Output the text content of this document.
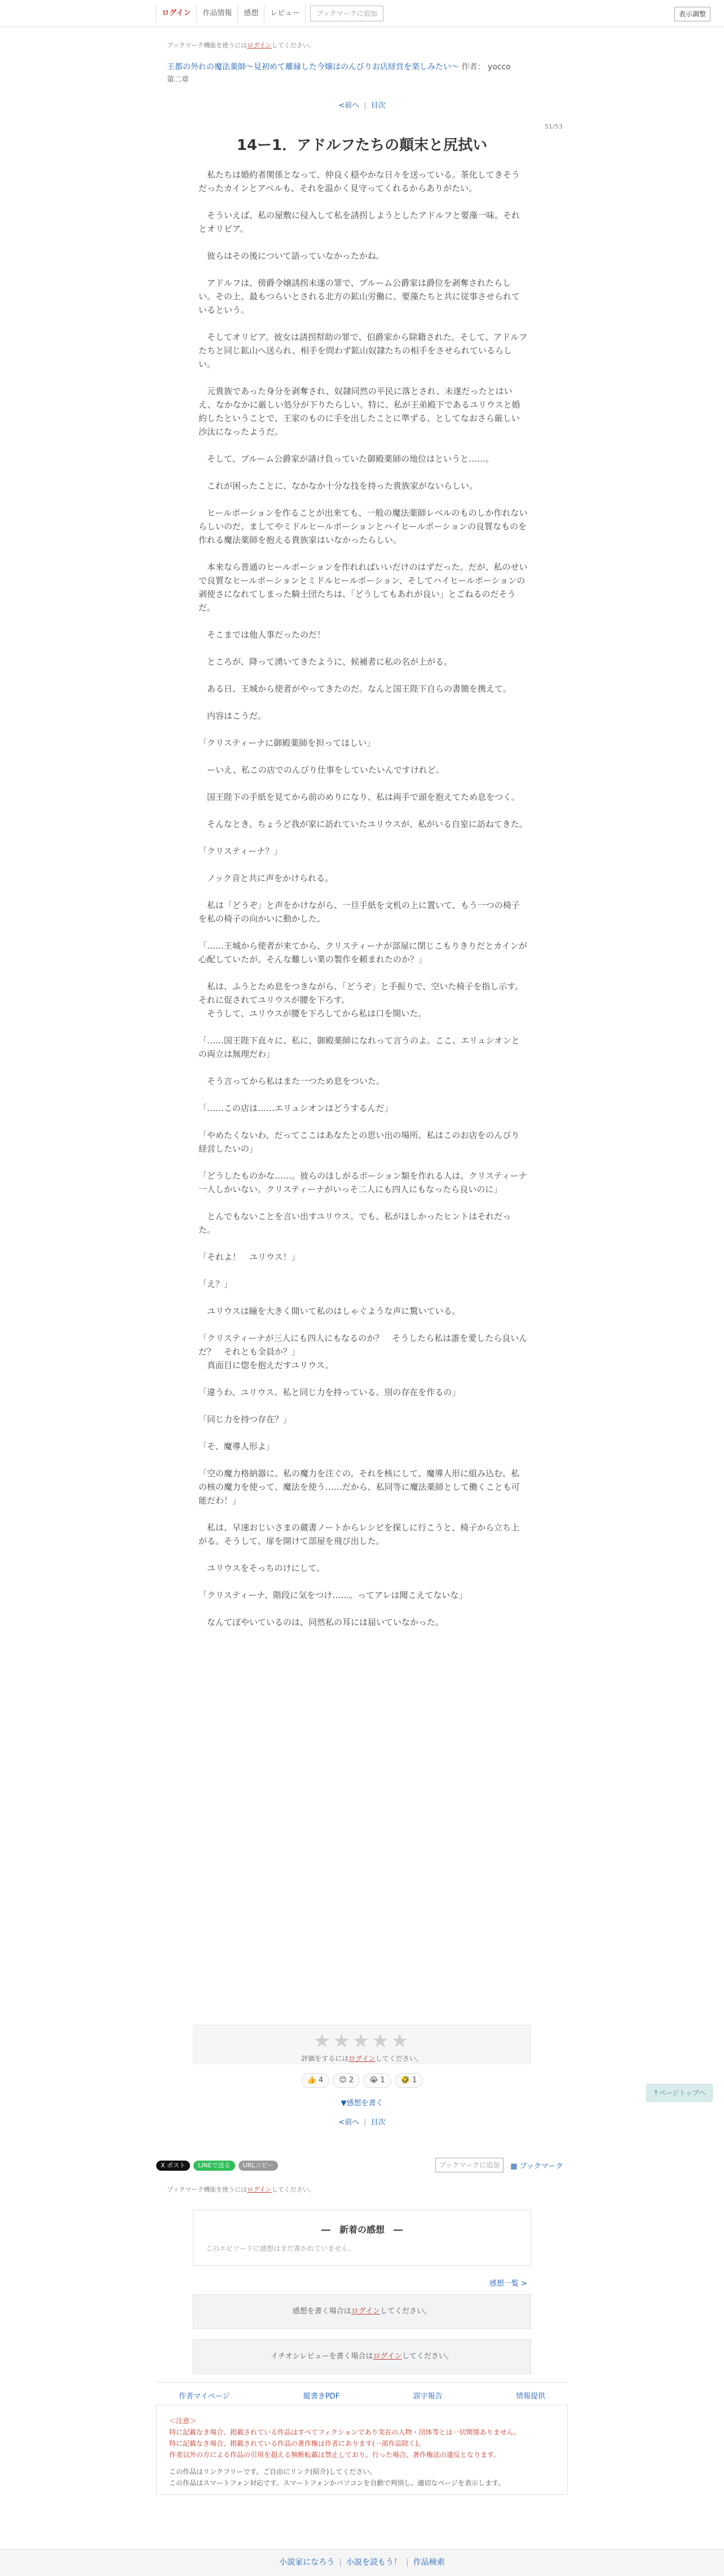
ログイン	作品情報	感想	レビュー	ブックマークに追加	表示調整
ブックマーク機能を使うにはログインしてください。
王都の外れの魔法薬師〜見初めて離縁した今嬢はのんびりお店経営を楽しみたい〜 作者： yocco
第二章
<前へ | 目次
51/53
14ー1．アドルフたちの顛末と尻拭い

　私たちは婚約者関係となって、仲良く穏やかな日々を送っている。茶化してきそうだったカインとアベルも、それを温かく見守ってくれるからありがたい。

　そういえば、私の屋敷に侵入して私を誘拐しようとしたアドルフと要藻一味。それとオリビア。

　彼らはその後について語っていなかったかね。

　アドルフは、傍爵令嬢誘拐未遂の罪で、ブルーム公爵家は爵位を剥奪されたらしい。その上、最もつらいとされる北方の鉱山労働に、要藻たちと共に従事させられているという。

　そしてオリビア。彼女は誘拐幇助の罪で、伯爵家から除籍された。そして、アドルフたちと同じ鉱山へ送られ、相手を問わず鉱山奴隷たちの相手をさせられているらしい。

　元貴族であった身分を剥奪され、奴隷同然の平民に落とされ、未遂だったとはいえ、なかなかに厳しい処分が下りたらしい。特に、私が王弟殿下であるユリウスと婚約したということで、王家のものに手を出したことに準ずる、としてなおさら厳しい沙汰になったようだ。

　そして、ブルーム公爵家が請け負っていた御殿薬師の地位はというと……。

　これが困ったことに、なかなか十分な技を持った貴族家がないらしい。

　ヒールポーションを作ることが出来ても、一般の魔法薬師レベルのものしか作れないらしいのだ。ましてやミドルヒールポーションとハイヒールポーションの良質なものを作れる魔法薬師を抱える貴族家はいなかったらしい。

　本来なら普通のヒールポーションを作れればいいだけのはずだった。だが、私のせいで良質なヒールポーションとミドルヒールポーション、そしてハイヒールポーションの剥使さになれてしまった騎士団たちは、「どうしてもあれが良い」とごねるのだそうだ。

　そこまでは他人事だったのだ！

　ところが、降って湧いてきたように、候補者に私の名が上がる。

　ある日、王城から使者がやってきたのだ。なんと国王陛下自らの書簡を携えて。

　内容はこうだ。

「クリスティーナに御殿薬師を担ってほしい」

　ーいえ、私この店でのんびり仕事をしていたいんですけれど。

　国王陛下の手紙を見てから前のめりになり、私は両手で頭を抱えてため息をつく。

　そんなとき、ちょうど我が家に訪れていたユリウスが、私がいる自室に訪ねてきた。

「クリスティーナ？」

　ノック音と共に声をかけられる。

　私は「どうぞ」と声をかけながら、一旦手紙を文机の上に置いて、もう一つの椅子を私の椅子の向かいに動かした。

「……王城から使者が来てから、クリスティーナが部屋に閉じこもりきりだとカインが心配していたが。そんな難しい業の製作を頼まれたのか？」

　私は、ふうとため息をつきながら、「どうぞ」と手振りで、空いた椅子を指し示す。それに促されてユリウスが腰を下ろす。

　そうして、ユリウスが腰を下ろしてから私は口を開いた。

「……国王陛下直々に、私に、御殿薬師になれって言うのよ。ここ、エリュシオンとの両立は無理だわ」

　そう言ってから私はまた一つため息をついた。

「……この店は……エリュシオンはどうするんだ」

「やめたくないわ。だってここはあなたとの思い出の場所。私はこのお店をのんびり経営したいの」

「どうしたものかな……。彼らのほしがるポーション類を作れる人は、クリスティーナ一人しかいない。クリスティーナがいっそ二人にも四人にもなったら良いのに」

　とんでもないことを言い出すユリウス。でも、私がほしかったヒントはそれだった。

「それよ！　ユリウス！」

「え？」

　ユリウスは瞳を大きく開いて私のはしゃぐような声に驚いている。

「クリスティーナが三人にも四人にもなるのか？　そうしたら私は誰を愛したら良いんだ？　それとも全員か？」

　真面目に惚を抱えだすユリウス。

「違うわ、ユリウス。私と同じ力を持っている、別の存在を作るの」

「同じ力を持つ存在？」

「そ、魔導人形よ」

「空の魔力格納器に、私の魔力を注ぐの。それを核にして、魔導人形に組み込む。私の核の魔力を使って、魔法を使う……だから、私同等に魔法薬師として働くことも可能だわ！」

　私は、早速おじいさまの蔵書ノートからレシピを探しに行こうと、椅子から立ち上がる。そうして、扉を開けて部屋を飛び出した。

　ユリウスをそっちのけにして。

「クリスティーナ、階段に気をつけ……。ってアレは聞こえてないな」

　なんてぼやいているのは、同然私の耳には届いていなかった。

★★★★★
評価をするにはログインしてください。
👍 4	😊 2	😭 1	🤣 1
▼感想を書く
<前へ | 目次
↑ページトップへ
X ポスト	LINEで送る	URLコピー	ブックマークに追加	▦ ブックマーク
ブックマーク機能を使うにはログインしてください。
―　新着の感想　―
このエピソードに感想はまだ書かれていません。
感想一覧 >
感想を書く場合はログインしてください。
イチオシレビューを書く場合はログインしてください。
作者マイページ	縦書きPDF	誤字報告	情報提供
＜注意＞
特に記載なき場合、掲載されている作品はすべてフィクションであり実在の人物・団体等とは一切関係ありません。
特に記載なき場合、掲載されている作品の著作権は作者にあります(一部作品除く)。
作者以外の方による作品の引用を超える無断転載は禁止しており、行った場合、著作権法の違反となります。
この作品はリンクフリーです。ご自由にリンク(紹介)してください。
この作品はスマートフォン対応です。スマートフォンかパソコンを自動で判別し、適切なページを表示します。
小説家になろう | 小説を読もう！ | 作品検索
